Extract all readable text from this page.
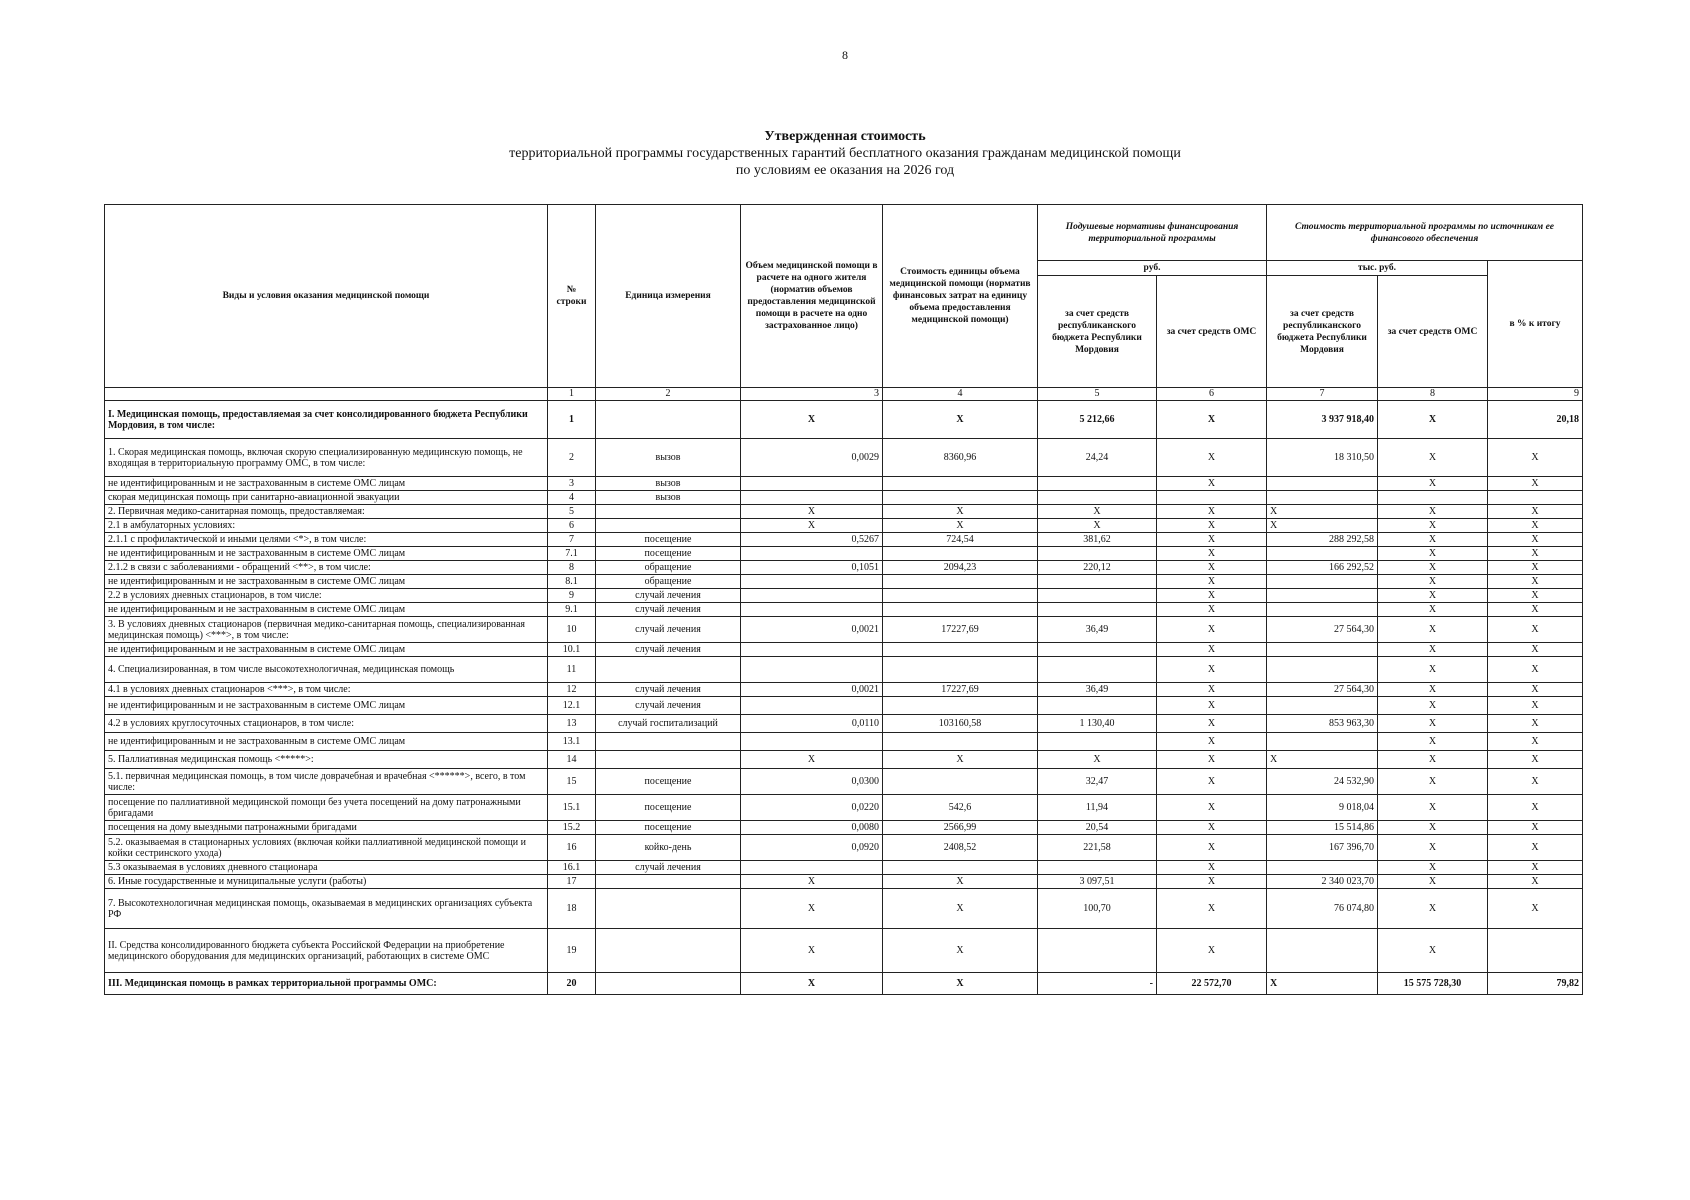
8
Утвержденная стоимость
территориальной программы государственных гарантий бесплатного оказания гражданам медицинской помощи
по условиям ее оказания на 2026 год
Виды и условия оказания медицинской помощи	№ строки	Единица измерения	Объем медицинской помощи в расчете на одного жителя (норматив объемов предоставления медицинской помощи в расчете на одно застрахованное лицо)	Стоимость единицы объема медицинской помощи (норматив финансовых затрат на единицу объема предоставления медицинской помощи)	Подушевые нормативы финансирования территориальной программы		Стоимость территориальной программы по источникам ее финансового обеспечения		
					руб.		тыс. руб.		в % к итогу
					за счет средств республиканского бюджета Республики Мордовия	за счет средств ОМС	за счет средств республиканского бюджета Республики Мордовия	за счет средств ОМС	
	1	2	3	4	5	6	7	8	9
I. Медицинская помощь, предоставляемая за счет консолидированного бюджета Республики Мордовия, в том числе:	1		X	X	5 212,66	X	3 937 918,40	X	20,18
1. Скорая медицинская помощь, включая скорую специализированную медицинскую помощь, не входящая в территориальную программу ОМС, в том числе:	2	вызов	0,0029	8360,96	24,24	X	18 310,50	X	X
не идентифицированным и не застрахованным в системе ОМС лицам	3	вызов				X		X	X
скорая медицинская помощь при санитарно-авиационной эвакуации	4	вызов							
2. Первичная медико-санитарная помощь, предоставляемая:	5		X	X	X	X	X	X	X
2.1 в амбулаторных условиях:	6		X	X	X	X	X	X	X
2.1.1 с профилактической и иными целями <*>, в том числе:	7	посещение	0,5267	724,54	381,62	X	288 292,58	X	X
не идентифицированным и не застрахованным в системе ОМС лицам	7.1	посещение				X		X	X
2.1.2 в связи с заболеваниями - обращений <**>, в том числе:	8	обращение	0,1051	2094,23	220,12	X	166 292,52	X	X
не идентифицированным и не застрахованным в системе ОМС лицам	8.1	обращение				X		X	X
2.2 в условиях дневных стационаров, в том числе:	9	случай лечения				X		X	X
не идентифицированным и не застрахованным в системе ОМС лицам	9.1	случай лечения				X		X	X
3. В условиях дневных стационаров (первичная медико-санитарная помощь, специализированная медицинская помощь) <***>, в том числе:	10	случай лечения	0,0021	17227,69	36,49	X	27 564,30	X	X
не идентифицированным и не застрахованным в системе ОМС лицам	10.1	случай лечения				X		X	X
4. Специализированная, в том числе высокотехнологичная, медицинская помощь	11					X		X	X
4.1 в условиях дневных стационаров <***>, в том числе:	12	случай лечения	0,0021	17227,69	36,49	X	27 564,30	X	X
не идентифицированным и не застрахованным в системе ОМС лицам	12.1	случай лечения				X		X	X
4.2 в условиях круглосуточных стационаров, в том числе:	13	случай госпитализаций	0,0110	103160,58	1 130,40	X	853 963,30	X	X
не идентифицированным и не застрахованным в системе ОМС лицам	13.1					X		X	X
5. Паллиативная медицинская помощь <*****>:	14		X	X	X	X	X	X	X
5.1. первичная медицинская помощь, в том числе доврачебная и врачебная <******>, всего, в том числе:	15	посещение	0,0300		32,47	X	24 532,90	X	X
посещение по паллиативной медицинской помощи без учета посещений на дому патронажными бригадами	15.1	посещение	0,0220	542,6	11,94	X	9 018,04	X	X
посещения на дому выездными патронажными бригадами	15.2	посещение	0,0080	2566,99	20,54	X	15 514,86	X	X
5.2. оказываемая в стационарных условиях (включая койки паллиативной медицинской помощи и койки сестринского ухода)	16	койко-день	0,0920	2408,52	221,58	X	167 396,70	X	X
5.3 оказываемая в условиях дневного стационара	16.1	случай лечения				X		X	X
6. Иные государственные и муниципальные услуги (работы)	17		X	X	3 097,51	X	2 340 023,70	X	X
7. Высокотехнологичная медицинская помощь, оказываемая в медицинских организациях субъекта РФ	18		X	X	100,70	X	76 074,80	X	X
II. Средства консолидированного бюджета субъекта Российской Федерации на приобретение медицинского оборудования для медицинских организаций, работающих в системе ОМС	19		X	X		X		X	
III. Медицинская помощь в рамках территориальной программы ОМС:	20		X	X	-	22 572,70	X	15 575 728,30	79,82
